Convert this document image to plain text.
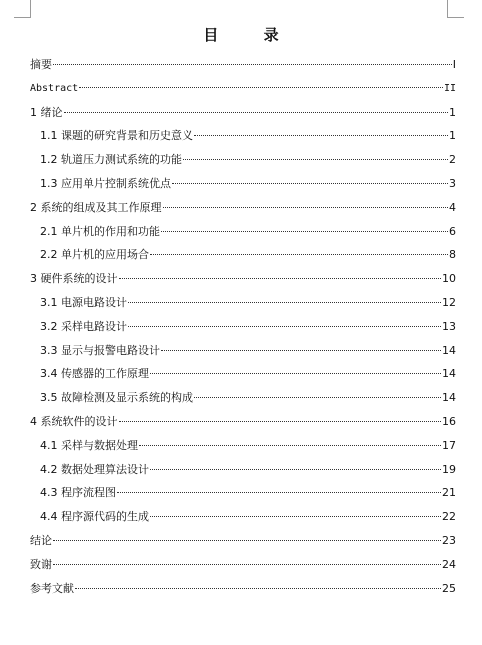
目 录
摘要	I
Abstract	II
1 绪论	1
1.1 课题的研究背景和历史意义	1
1.2 轨道压力测试系统的功能	2
1.3 应用单片控制系统优点	3
2 系统的组成及其工作原理	4
2.1 单片机的作用和功能	6
2.2 单片机的应用场合	8
3 硬件系统的设计	10
3.1 电源电路设计	12
3.2 采样电路设计	13
3.3 显示与报警电路设计	14
3.4 传感器的工作原理	14
3.5 故障检测及显示系统的构成	14
4 系统软件的设计	16
4.1 采样与数据处理	17
4.2 数据处理算法设计	19
4.3 程序流程图	21
4.4 程序源代码的生成	22
结论	23
致谢	24
参考文献	25
